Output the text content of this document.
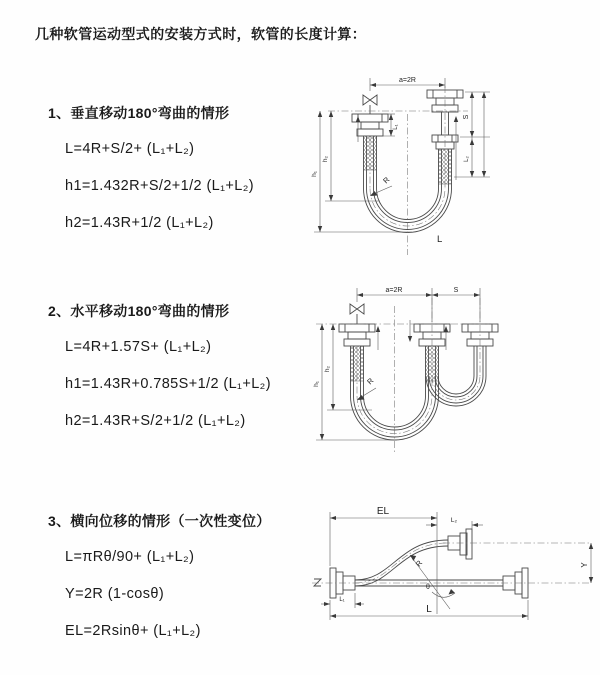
几种软管运动型式的安装方式时，软管的长度计算：
1、垂直移动180°弯曲的情形
L=4R+S/2+ (L₁+L₂)
h1=1.432R+S/2+1/2 (L₁+L₂)
h2=1.43R+1/2 (L₁+L₂)
2、水平移动180°弯曲的情形
L=4R+1.57S+ (L₁+L₂)
h1=1.43R+0.785S+1/2 (L₁+L₂)
h2=1.43R+S/2+1/2 (L₁+L₂)
3、横向位移的情形（一次性变位）
L=πRθ/90+ (L₁+L₂)
Y=2R (1-cosθ)
EL=2Rsinθ+ (L₁+L₂)
a=2R
h₁
h₂
L₁
S
L₂
R
L
a=2R	S
h₁
h₂
R
EL
L₂
Y
R
θ
L
L₁
